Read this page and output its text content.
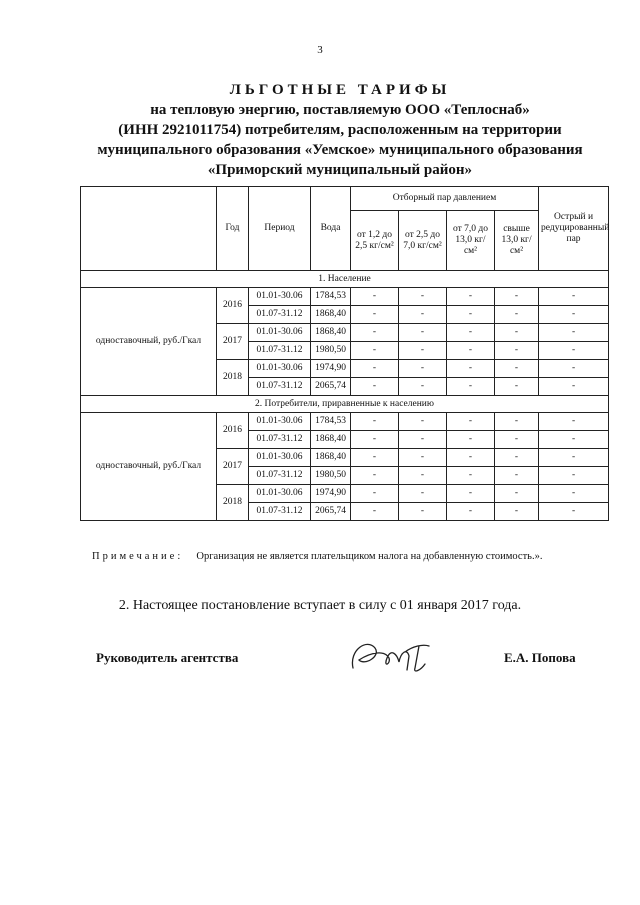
3
ЛЬГОТНЫЕ ТАРИФЫ
на тепловую энергию, поставляемую ООО «Теплоснаб»
(ИНН 2921011754) потребителям, расположенным на территории
муниципального образования «Уемское» муниципального образования
«Приморский муниципальный район»
	Год	Период	Вода	Отборный пар давлением				Острый и редуцированный пар
				от 1,2 до 2,5 кг/см²	от 2,5 до 7,0 кг/см²	от 7,0 до 13,0 кг/см²	свыше 13,0 кг/см²	
1. Население								
одноставочный, руб./Гкал	2016	01.01-30.06	1784,53	-	-	-	-	-
		01.07-31.12	1868,40	-	-	-	-	-
	2017	01.01-30.06	1868,40	-	-	-	-	-
		01.07-31.12	1980,50	-	-	-	-	-
	2018	01.01-30.06	1974,90	-	-	-	-	-
		01.07-31.12	2065,74	-	-	-	-	-
2. Потребители, приравненные к населению								
одноставочный, руб./Гкал	2016	01.01-30.06	1784,53	-	-	-	-	-
		01.07-31.12	1868,40	-	-	-	-	-
	2017	01.01-30.06	1868,40	-	-	-	-	-
		01.07-31.12	1980,50	-	-	-	-	-
	2018	01.01-30.06	1974,90	-	-	-	-	-
		01.07-31.12	2065,74	-	-	-	-	-
Примечание: Организация не является плательщиком налога на добавленную стоимость.».
2. Настоящее постановление вступает в силу с 01 января 2017 года.
Руководитель агентства	Е.А. Попова
